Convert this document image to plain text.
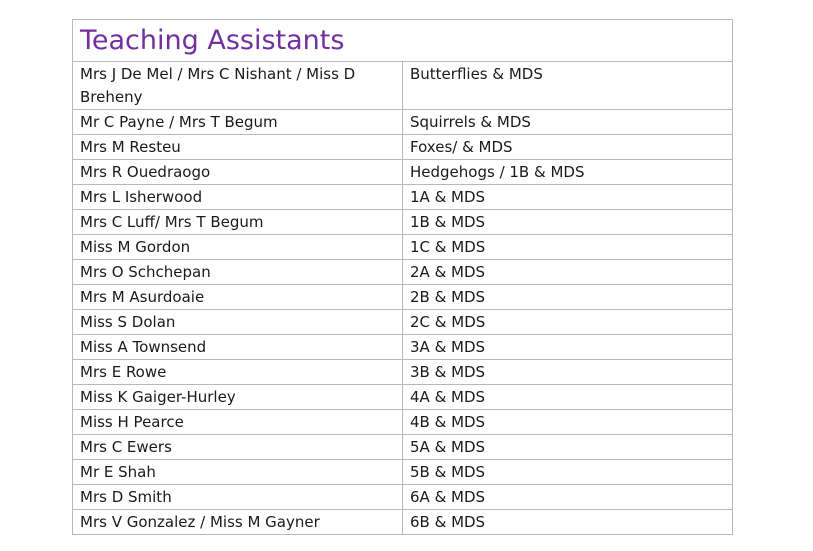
Teaching Assistants	
Mrs J De Mel / Mrs C Nishant / Miss D Breheny	Butterflies & MDS
Mr C Payne / Mrs T Begum	Squirrels & MDS
Mrs M Resteu	Foxes/ & MDS
Mrs R Ouedraogo	Hedgehogs / 1B & MDS
Mrs L Isherwood	1A & MDS
Mrs C Luff/ Mrs T Begum	1B & MDS
Miss M Gordon	1C & MDS
Mrs O Schchepan	2A & MDS
Mrs M Asurdoaie	2B & MDS
Miss S Dolan	2C & MDS
Miss A Townsend	3A & MDS
Mrs E Rowe	3B & MDS
Miss K Gaiger-Hurley	4A & MDS
Miss H Pearce	4B & MDS
Mrs C Ewers	5A & MDS
Mr E Shah	5B & MDS
Mrs D Smith	6A & MDS
Mrs V Gonzalez / Miss M Gayner	6B & MDS
